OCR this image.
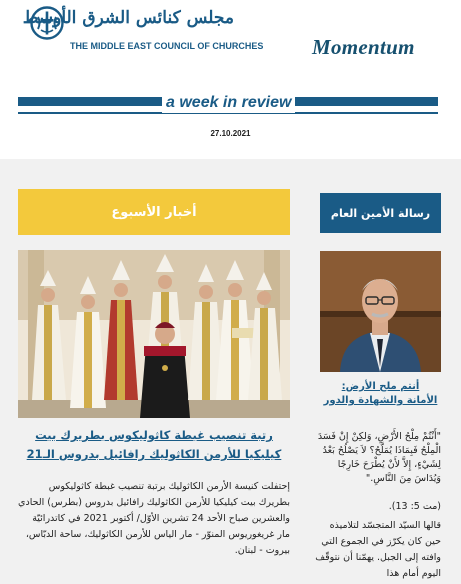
مجلس كنائس الشرق الأوسط
THE MIDDLE EAST COUNCIL OF CHURCHES Momentum
a week in review
27.10.2021
أخبار الأسبوع	رسالة الأمين العام
رتبة تنصيب غبطة كاثوليكوس بطريرك بيت كيليكيا للأرمن الكاثوليك رافائيل بدروس الـ21
إحتفلت كنيسة الأرمن الكاثوليك برتبة تنصيب غبطة كاثوليكوس بطريرك بيت كيليكيا للأرمن الكاثوليك رافائيل بدروس (بطرس) الحادي والعشرين صباح الأحد 24 تشرين الأوّل/ أكتوبر 2021 في كاتدرائيّة مار غريغوريوس المنوّر - مار الياس للأرمن الكاثوليك، ساحة الدبّاس، بيروت - لبنان.
أنتم ملح الأرض:
الأمانة والشهادة والدور
"أَنْتُمْ مِلْحُ الأَرْضِ، وَلكِنْ إِنْ فَسَدَ الْمِلْحُ فَبِمَاذَا يُمَلَّحُ؟ لاَ يَصْلُحُ بَعْدُ لِشَيْءٍ، إِلاَّ لأَنْ يُطْرَحَ خَارِجًا وَيُدَاسَ مِنَ النَّاسِ."
(مت 5: 13).
قالها السيّد المتجسّد لتلاميذه حين كان يكرّز في الجموع التي وافته إلى الجبل. يهمّنا أن نتوقّف اليوم أمام هذا
